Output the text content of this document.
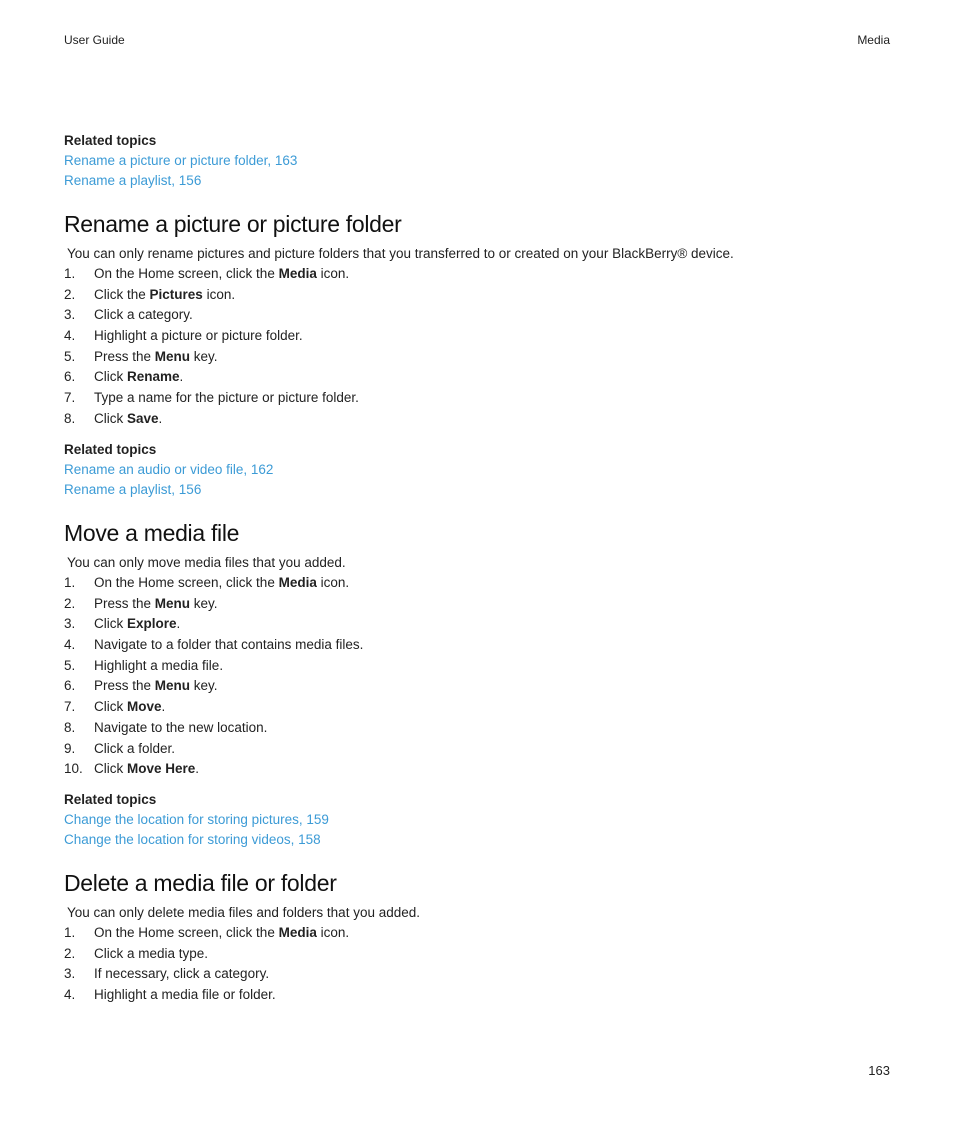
User Guide	Media
Related topics
Rename a picture or picture folder, 163
Rename a playlist, 156
Rename a picture or picture folder
You can only rename pictures and picture folders that you transferred to or created on your BlackBerry® device.
1. On the Home screen, click the Media icon.
2. Click the Pictures icon.
3. Click a category.
4. Highlight a picture or picture folder.
5. Press the Menu key.
6. Click Rename.
7. Type a name for the picture or picture folder.
8. Click Save.
Related topics
Rename an audio or video file, 162
Rename a playlist, 156
Move a media file
You can only move media files that you added.
1. On the Home screen, click the Media icon.
2. Press the Menu key.
3. Click Explore.
4. Navigate to a folder that contains media files.
5. Highlight a media file.
6. Press the Menu key.
7. Click Move.
8. Navigate to the new location.
9. Click a folder.
10. Click Move Here.
Related topics
Change the location for storing pictures, 159
Change the location for storing videos, 158
Delete a media file or folder
You can only delete media files and folders that you added.
1. On the Home screen, click the Media icon.
2. Click a media type.
3. If necessary, click a category.
4. Highlight a media file or folder.
163
